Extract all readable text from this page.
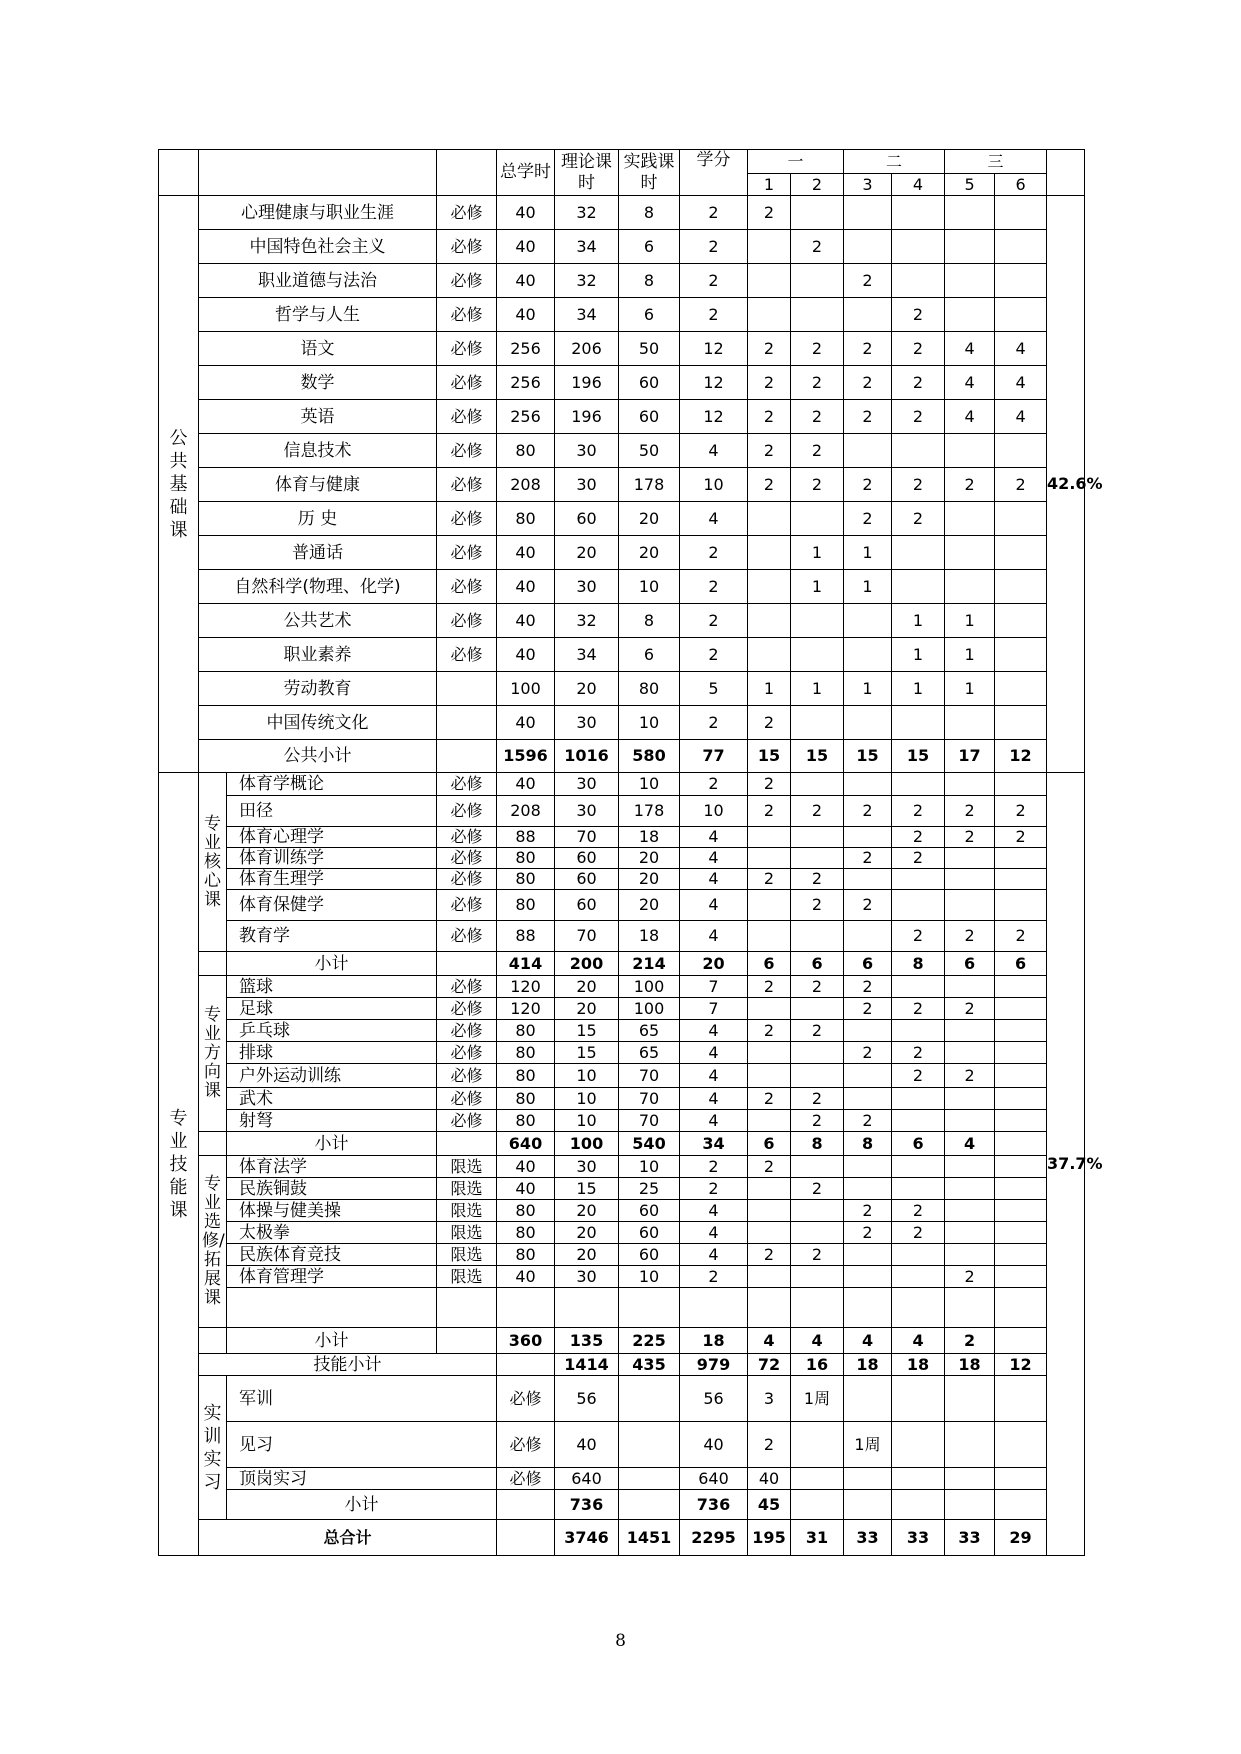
				总学时	理论课时	实践课时	学分	一		二		三			
								1	2	3	4	5	6		
公共基础课	心理健康与职业生涯		必修	40	32	8	2	2						42.6%	
	中国特色社会主义		必修	40	34	6	2		2						
	职业道德与法治		必修	40	32	8	2			2					
	哲学与人生		必修	40	34	6	2				2				
	语文		必修	256	206	50	12	2	2	2	2	4	4		
	数学		必修	256	196	60	12	2	2	2	2	4	4		
	英语		必修	256	196	60	12	2	2	2	2	4	4		
	信息技术		必修	80	30	50	4	2	2						
	体育与健康		必修	208	30	178	10	2	2	2	2	2	2		
	历 史		必修	80	60	20	4			2	2				
	普通话		必修	40	20	20	2		1	1					
	自然科学(物理、化学)		必修	40	30	10	2		1	1					
	公共艺术		必修	40	32	8	2				1	1			
	职业素养		必修	40	34	6	2				1	1			
	劳动教育			100	20	80	5	1	1	1	1	1			
	中国传统文化			40	30	10	2	2							
	公共小计			1596	1016	580	77	15	15	15	15	17	12		
专业技能课	专业核心课	体育学概论	必修	40	30	10	2	2						37.7%	
		田径	必修	208	30	178	10	2	2	2	2	2	2		
		体育心理学	必修	88	70	18	4				2	2	2		
		体育训练学	必修	80	60	20	4			2	2				
		体育生理学	必修	80	60	20	4	2	2						
		体育保健学	必修	80	60	20	4		2	2					
		教育学	必修	88	70	18	4				2	2	2		
		小计		414	200	214	20	6	6	6	8	6	6		
	专业方向课	篮球	必修	120	20	100	7	2	2	2					
		足球	必修	120	20	100	7			2	2	2			
		乒乓球	必修	80	15	65	4	2	2						
		排球	必修	80	15	65	4			2	2				
		户外运动训练	必修	80	10	70	4				2	2			
		武术	必修	80	10	70	4	2	2						
		射弩	必修	80	10	70	4		2	2					
		小计		640	100	540	34	6	8	8	6	4			
	专业选修/拓展课	体育法学	限选	40	30	10	2	2							
		民族铜鼓	限选	40	15	25	2		2						
		体操与健美操	限选	80	20	60	4			2	2				
		太极拳	限选	80	20	60	4			2	2				
		民族体育竞技	限选	80	20	60	4	2	2						
		体育管理学	限选	40	30	10	2					2			

		小计		360	135	225	18	4	4	4	4	2			
	技能小计				1414	435	979	72	16	18	18	18	12	
	实训实习	军训		必修	56		56	3	1周						
		见习		必修	40		40	2		1周					
		顶岗实习		必修	640		640	40						
		小计			736		736	45							
	总合计				3746	1451	2295	195	31	33	33	33	29	
8
